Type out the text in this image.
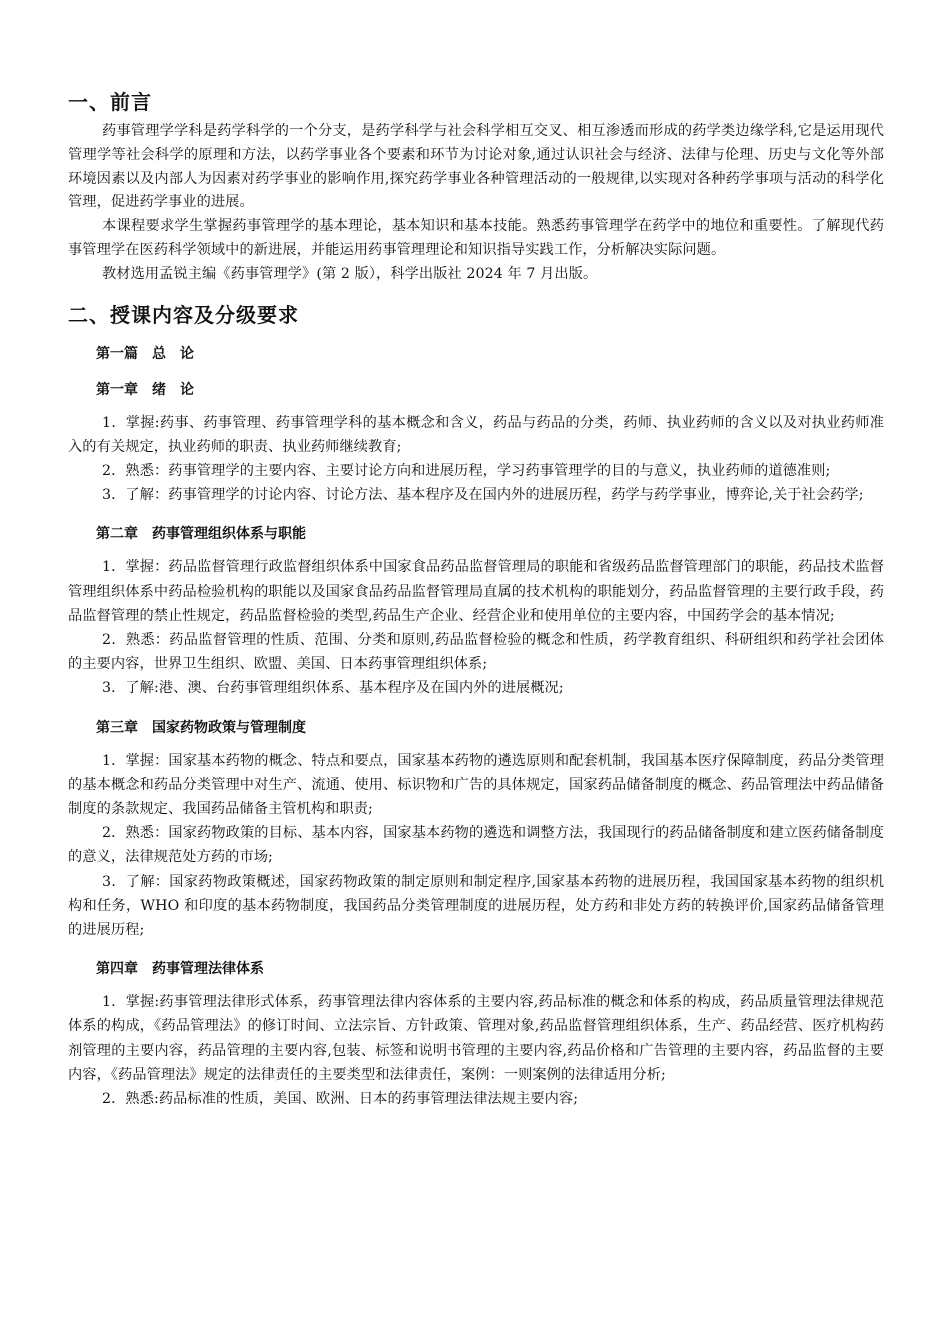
一、前言

药事管理学学科是药学科学的一个分支，是药学科学与社会科学相互交叉、相互渗透而形成的药学类边缘学科,它是运用现代管理学等社会科学的原理和方法，以药学事业各个要素和环节为讨论对象,通过认识社会与经济、法律与伦理、历史与文化等外部环境因素以及内部人为因素对药学事业的影响作用,探究药学事业各种管理活动的一般规律,以实现对各种药学事项与活动的科学化管理，促进药学事业的进展。

本课程要求学生掌握药事管理学的基本理论，基本知识和基本技能。熟悉药事管理学在药学中的地位和重要性。了解现代药事管理学在医药科学领域中的新进展，并能运用药事管理理论和知识指导实践工作，分析解决实际问题。

教材选用孟锐主编《药事管理学》(第 2 版），科学出版社 2024 年 7 月出版。

二、授课内容及分级要求
第一篇　总　论
第一章　绪　论

1．掌握:药事、药事管理、药事管理学科的基本概念和含义，药品与药品的分类，药师、执业药师的含义以及对执业药师准入的有关规定，执业药师的职责、执业药师继续教育;

2．熟悉：药事管理学的主要内容、主要讨论方向和进展历程，学习药事管理学的目的与意义，执业药师的道德准则;

3．了解：药事管理学的讨论内容、讨论方法、基本程序及在国内外的进展历程，药学与药学事业，博弈论,关于社会药学;

第二章　药事管理组织体系与职能

1．掌握：药品监督管理行政监督组织体系中国家食品药品监督管理局的职能和省级药品监督管理部门的职能，药品技术监督管理组织体系中药品检验机构的职能以及国家食品药品监督管理局直属的技术机构的职能划分，药品监督管理的主要行政手段，药品监督管理的禁止性规定，药品监督检验的类型,药品生产企业、经营企业和使用单位的主要内容，中国药学会的基本情况;

2．熟悉：药品监督管理的性质、范围、分类和原则,药品监督检验的概念和性质，药学教育组织、科研组织和药学社会团体的主要内容，世界卫生组织、欧盟、美国、日本药事管理组织体系;

3．了解:港、澳、台药事管理组织体系、基本程序及在国内外的进展概况;

第三章　国家药物政策与管理制度

1．掌握：国家基本药物的概念、特点和要点，国家基本药物的遴选原则和配套机制，我国基本医疗保障制度，药品分类管理的基本概念和药品分类管理中对生产、流通、使用、标识物和广告的具体规定，国家药品储备制度的概念、药品管理法中药品储备制度的条款规定、我国药品储备主管机构和职责;

2．熟悉：国家药物政策的目标、基本内容，国家基本药物的遴选和调整方法，我国现行的药品储备制度和建立医药储备制度的意义，法律规范处方药的市场;

3．了解：国家药物政策概述，国家药物政策的制定原则和制定程序,国家基本药物的进展历程，我国国家基本药物的组织机构和任务，WHO 和印度的基本药物制度，我国药品分类管理制度的进展历程，处方药和非处方药的转换评价,国家药品储备管理的进展历程;

第四章　药事管理法律体系

1．掌握:药事管理法律形式体系，药事管理法律内容体系的主要内容,药品标准的概念和体系的构成，药品质量管理法律规范体系的构成，《药品管理法》的修订时间、立法宗旨、方针政策、管理对象,药品监督管理组织体系，生产、药品经营、医疗机构药剂管理的主要内容，药品管理的主要内容,包装、标签和说明书管理的主要内容,药品价格和广告管理的主要内容，药品监督的主要内容，《药品管理法》规定的法律责任的主要类型和法律责任，案例：一则案例的法律适用分析;

2．熟悉:药品标准的性质，美国、欧洲、日本的药事管理法律法规主要内容;
